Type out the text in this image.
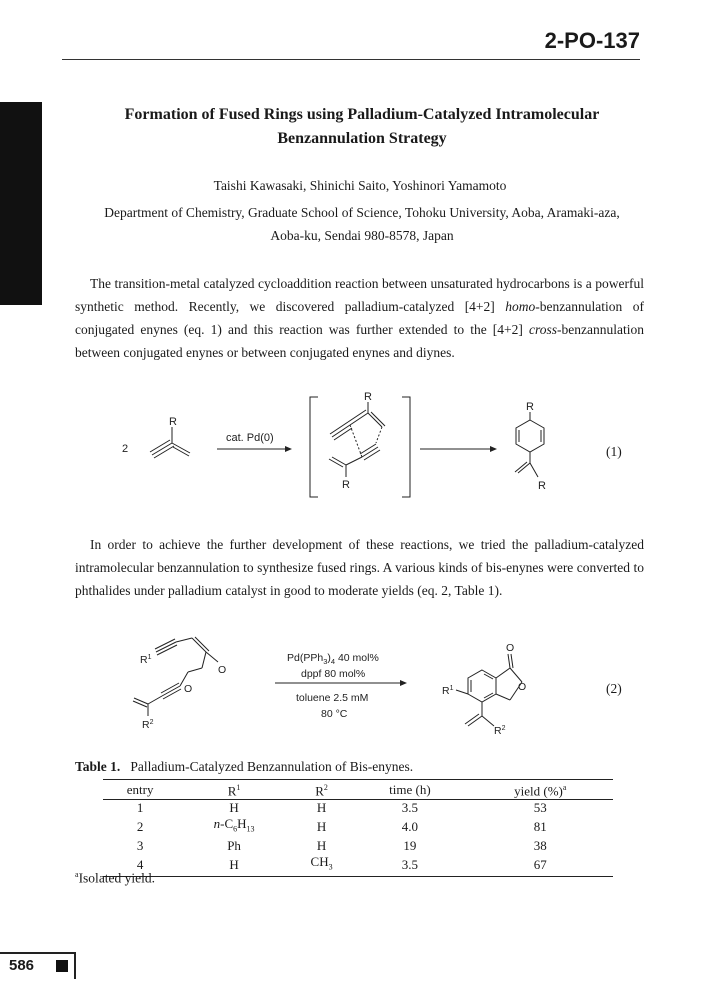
2-PO-137
POSTER August 2 (Thu)
Formation of Fused Rings using Palladium-Catalyzed Intramolecular
Benzannulation Strategy
Taishi Kawasaki, Shinichi Saito, Yoshinori Yamamoto
Department of Chemistry, Graduate School of Science, Tohoku University, Aoba, Aramaki-aza,
Aoba-ku, Sendai 980-8578, Japan
The transition-metal catalyzed cycloaddition reaction between unsaturated hydrocarbons is a powerful synthetic method. Recently, we discovered palladium-catalyzed [4+2] homo-benzannulation of conjugated enynes (eq. 1) and this reaction was further extended to the [4+2] cross-benzannulation between conjugated enynes or between conjugated enynes and diynes.
2
R
cat. Pd(0)
R
R
R
R
(1)
In order to achieve the further development of these reactions, we tried the palladium-catalyzed intramolecular benzannulation to synthesize fused rings. A various kinds of bis-enynes were converted to phthalides under palladium catalyst in good to moderate yields (eq. 2, Table 1).
$R^1$
O
O
$R^2$
$Pd(PPh_3)_4$ 40 mol%
dppf 80 mol%
toluene 2.5 mM
80 °C
O
O
$R^1$
$R^2$
(2)
Table 1. Palladium-Catalyzed Benzannulation of Bis-enynes.
entry	$R^1$	$R^2$	time (h)	yield (%)$^a$
1	H	H	3.5	53
2	$n-C_6H_{13}$	H	4.0	81
3	Ph	H	19	38
4	H	$CH_3$	3.5	67
$^a$Isolated yield.
586
